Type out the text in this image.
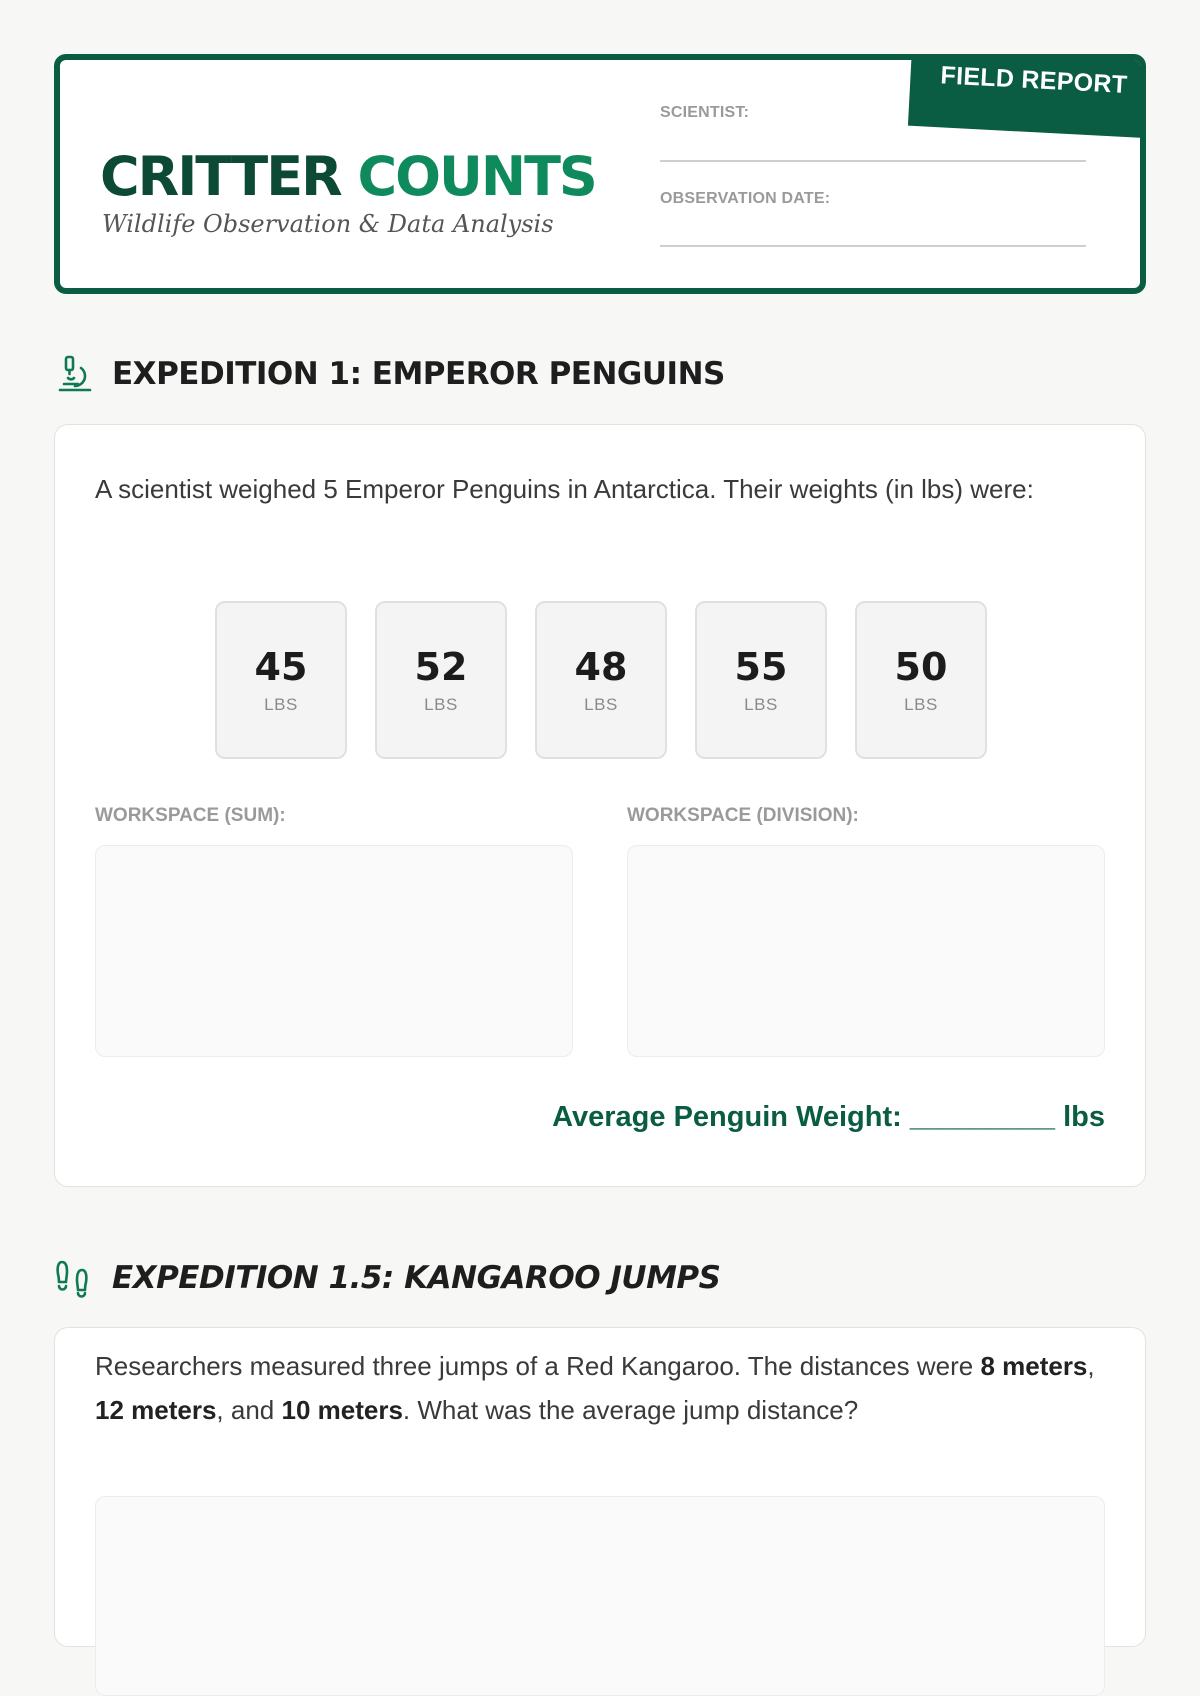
CRITTER COUNTS
Wildlife Observation & Data Analysis
SCIENTIST:
OBSERVATION DATE:
FIELD REPORT
EXPEDITION 1: EMPEROR PENGUINS
A scientist weighed 5 Emperor Penguins in Antarctica. Their weights (in lbs) were:
45
LBS
52
LBS
48
LBS
55
LBS
50
LBS
WORKSPACE (SUM):	WORKSPACE (DIVISION):
Average Penguin Weight: _________ lbs
EXPEDITION 1.5: KANGAROO JUMPS
Researchers measured three jumps of a Red Kangaroo. The distances were 8 meters, 12 meters, and 10 meters. What was the average jump distance?
